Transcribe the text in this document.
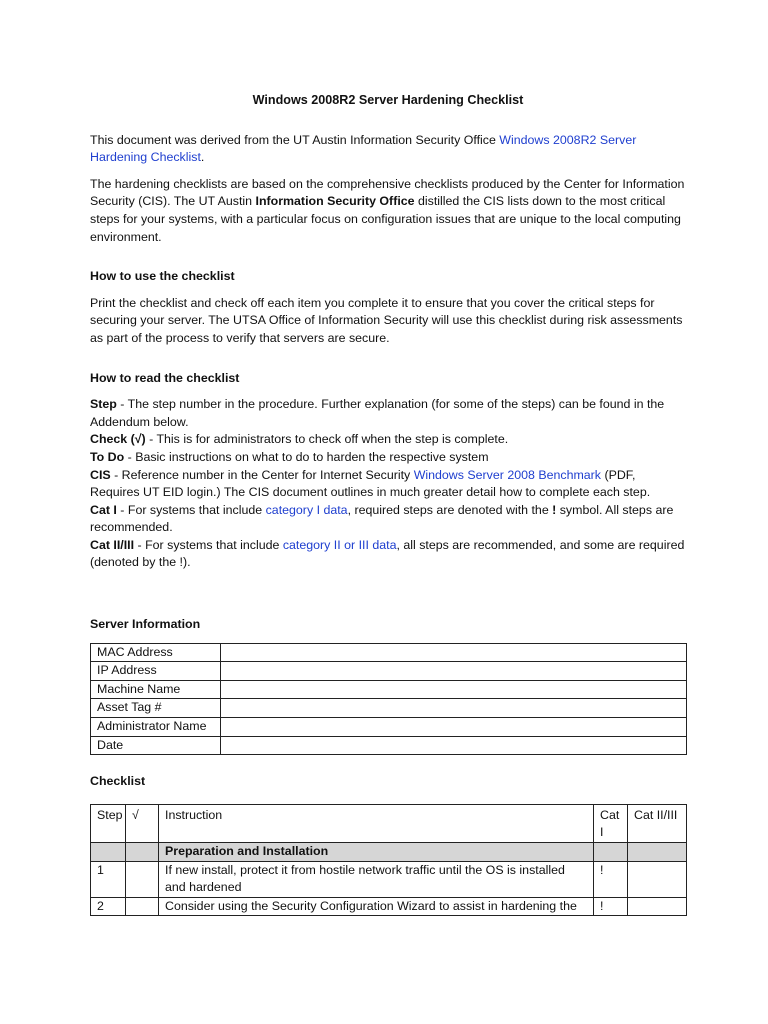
Windows 2008R2 Server Hardening Checklist

This document was derived from the UT Austin Information Security Office Windows 2008R2 Server Hardening Checklist.

The hardening checklists are based on the comprehensive checklists produced by the Center for Information Security (CIS). The UT Austin Information Security Office distilled the CIS lists down to the most critical steps for your systems, with a particular focus on configuration issues that are unique to the local computing environment.

How to use the checklist

Print the checklist and check off each item you complete it to ensure that you cover the critical steps for securing your server. The UTSA Office of Information Security will use this checklist during risk assessments as part of the process to verify that servers are secure.

How to read the checklist
Step - The step number in the procedure. Further explanation (for some of the steps) can be found in the Addendum below.
Check (√) - This is for administrators to check off when the step is complete.
To Do - Basic instructions on what to do to harden the respective system
CIS - Reference number in the Center for Internet Security Windows Server 2008 Benchmark (PDF, Requires UT EID login.) The CIS document outlines in much greater detail how to complete each step.
Cat I - For systems that include category I data, required steps are denoted with the ! symbol. All steps are recommended.
Cat II/III - For systems that include category II or III data, all steps are recommended, and some are required (denoted by the !).
Server Information
MAC Address	
IP Address	
Machine Name	
Asset Tag #	
Administrator Name	
Date	
Checklist
Step	√	Instruction	Cat I	Cat II/III
		Preparation and Installation		
1		If new install, protect it from hostile network traffic until the OS is installed and hardened	!	
2		Consider using the Security Configuration Wizard to assist in hardening the	!	
